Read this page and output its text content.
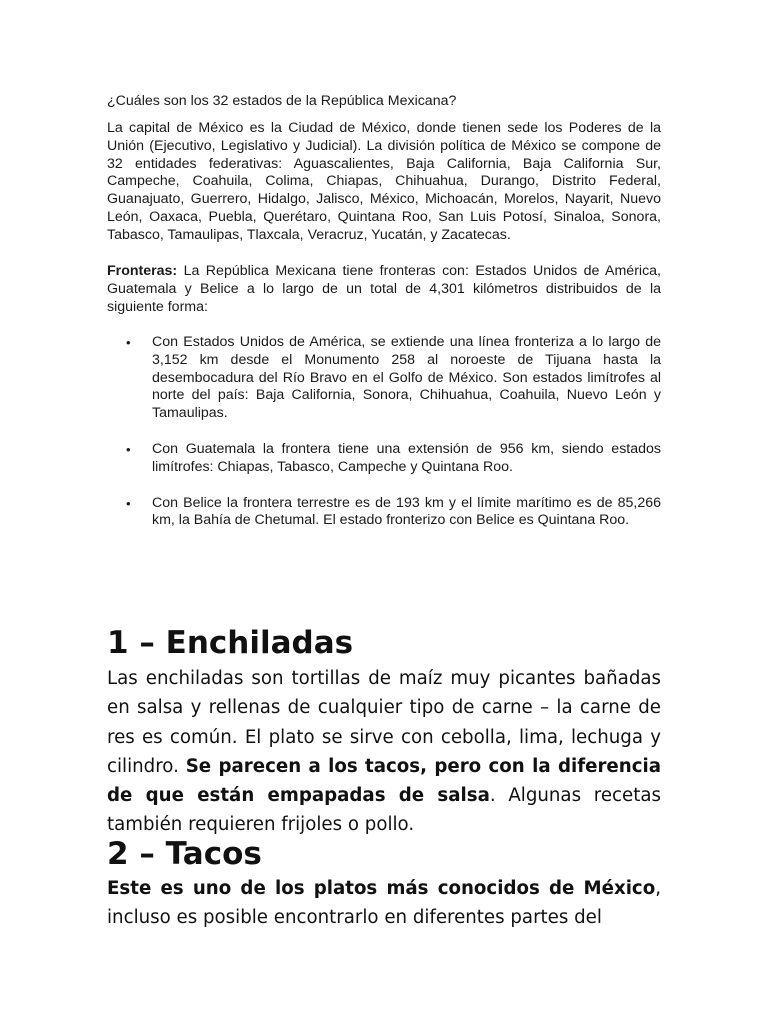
¿Cuáles son los 32 estados de la República Mexicana?

La capital de México es la Ciudad de México, donde tienen sede los Poderes de la Unión (Ejecutivo, Legislativo y Judicial). La división política de México se compone de 32 entidades federativas: Aguascalientes, Baja California, Baja California Sur, Campeche, Coahuila, Colima, Chiapas, Chihuahua, Durango, Distrito Federal, Guanajuato, Guerrero, Hidalgo, Jalisco, México, Michoacán, Morelos, Nayarit, Nuevo León, Oaxaca, Puebla, Querétaro, Quintana Roo, San Luis Potosí, Sinaloa, Sonora, Tabasco, Tamaulipas, Tlaxcala, Veracruz, Yucatán, y Zacatecas.

Fronteras: La República Mexicana tiene fronteras con: Estados Unidos de América, Guatemala y Belice a lo largo de un total de 4,301 kilómetros distribuidos de la siguiente forma:

• Con Estados Unidos de América, se extiende una línea fronteriza a lo largo de 3,152 km desde el Monumento 258 al noroeste de Tijuana hasta la desembocadura del Río Bravo en el Golfo de México. Son estados limítrofes al norte del país: Baja California, Sonora, Chihuahua, Coahuila, Nuevo León y Tamaulipas.
• Con Guatemala la frontera tiene una extensión de 956 km, siendo estados limítrofes: Chiapas, Tabasco, Campeche y Quintana Roo.
• Con Belice la frontera terrestre es de 193 km y el límite marítimo es de 85,266 km, la Bahía de Chetumal. El estado fronterizo con Belice es Quintana Roo.
1 – Enchiladas

Las enchiladas son tortillas de maíz muy picantes bañadas en salsa y rellenas de cualquier tipo de carne – la carne de res es común. El plato se sirve con cebolla, lima, lechuga y cilindro. Se parecen a los tacos, pero con la diferencia de que están empapadas de salsa. Algunas recetas también requieren frijoles o pollo.

2 – Tacos

Este es uno de los platos más conocidos de México, incluso es posible encontrarlo en diferentes partes del
